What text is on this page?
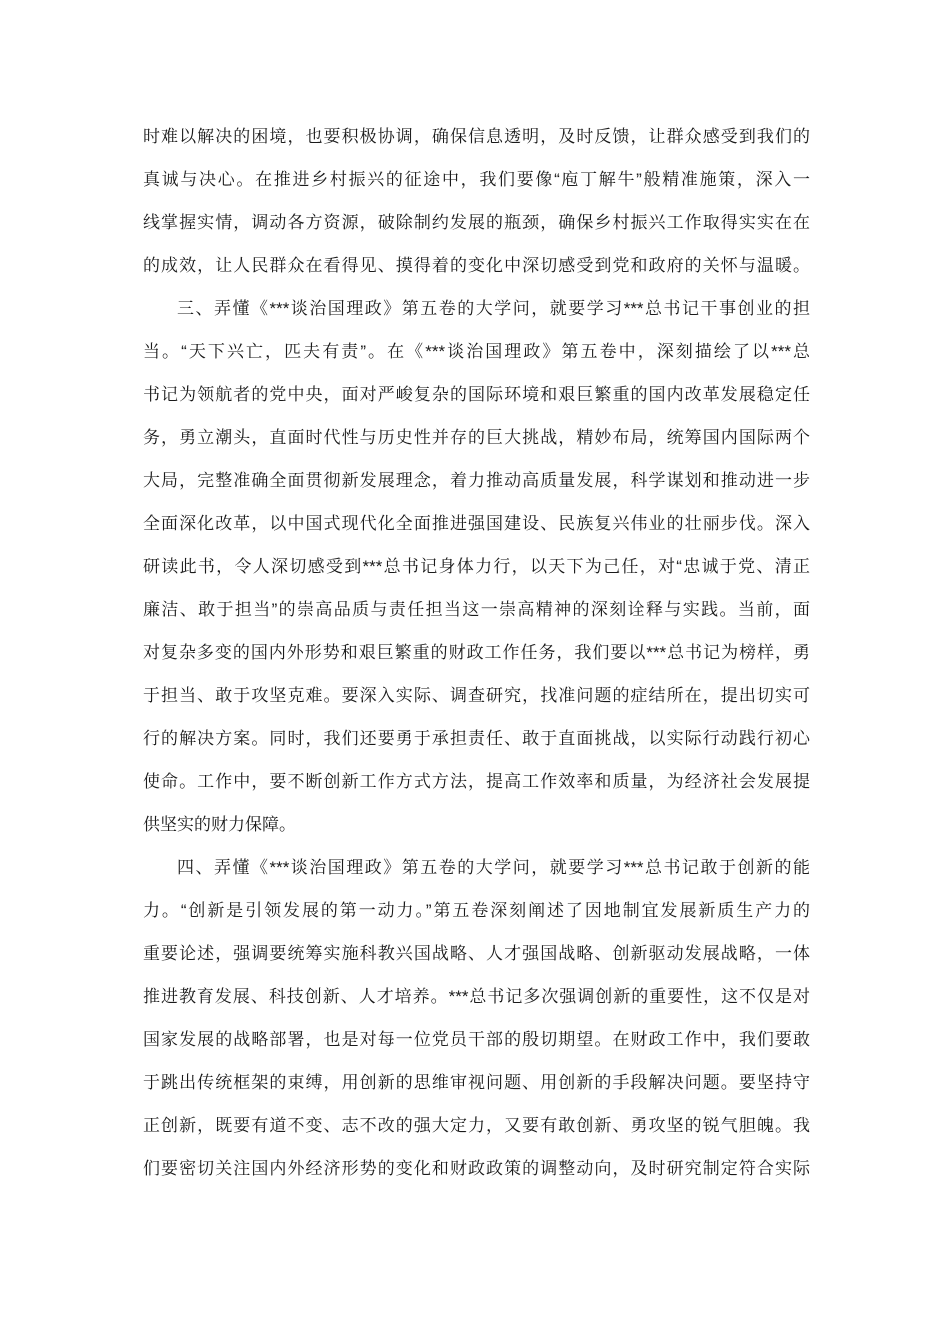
时难以解决的困境，也要积极协调，确保信息透明，及时反馈，让群众感受到我们的
真诚与决心。在推进乡村振兴的征途中，我们要像“庖丁解牛”般精准施策，深入一
线掌握实情，调动各方资源，破除制约发展的瓶颈，确保乡村振兴工作取得实实在在
的成效，让人民群众在看得见、摸得着的变化中深切感受到党和政府的关怀与温暖。
三、弄懂《***谈治国理政》第五卷的大学问，就要学习***总书记干事创业的担
当。“天下兴亡，匹夫有责”。在《***谈治国理政》第五卷中，深刻描绘了以***总
书记为领航者的党中央，面对严峻复杂的国际环境和艰巨繁重的国内改革发展稳定任
务，勇立潮头，直面时代性与历史性并存的巨大挑战，精妙布局，统筹国内国际两个
大局，完整准确全面贯彻新发展理念，着力推动高质量发展，科学谋划和推动进一步
全面深化改革，以中国式现代化全面推进强国建设、民族复兴伟业的壮丽步伐。深入
研读此书，令人深切感受到***总书记身体力行，以天下为己任，对“忠诚于党、清正
廉洁、敢于担当”的崇高品质与责任担当这一崇高精神的深刻诠释与实践。当前，面
对复杂多变的国内外形势和艰巨繁重的财政工作任务，我们要以***总书记为榜样，勇
于担当、敢于攻坚克难。要深入实际、调查研究，找准问题的症结所在，提出切实可
行的解决方案。同时，我们还要勇于承担责任、敢于直面挑战，以实际行动践行初心
使命。工作中，要不断创新工作方式方法，提高工作效率和质量，为经济社会发展提
供坚实的财力保障。
四、弄懂《***谈治国理政》第五卷的大学问，就要学习***总书记敢于创新的能
力。“创新是引领发展的第一动力。”第五卷深刻阐述了因地制宜发展新质生产力的
重要论述，强调要统筹实施科教兴国战略、人才强国战略、创新驱动发展战略，一体
推进教育发展、科技创新、人才培养。***总书记多次强调创新的重要性，这不仅是对
国家发展的战略部署，也是对每一位党员干部的殷切期望。在财政工作中，我们要敢
于跳出传统框架的束缚，用创新的思维审视问题、用创新的手段解决问题。要坚持守
正创新，既要有道不变、志不改的强大定力，又要有敢创新、勇攻坚的锐气胆魄。我
们要密切关注国内外经济形势的变化和财政政策的调整动向，及时研究制定符合实际
